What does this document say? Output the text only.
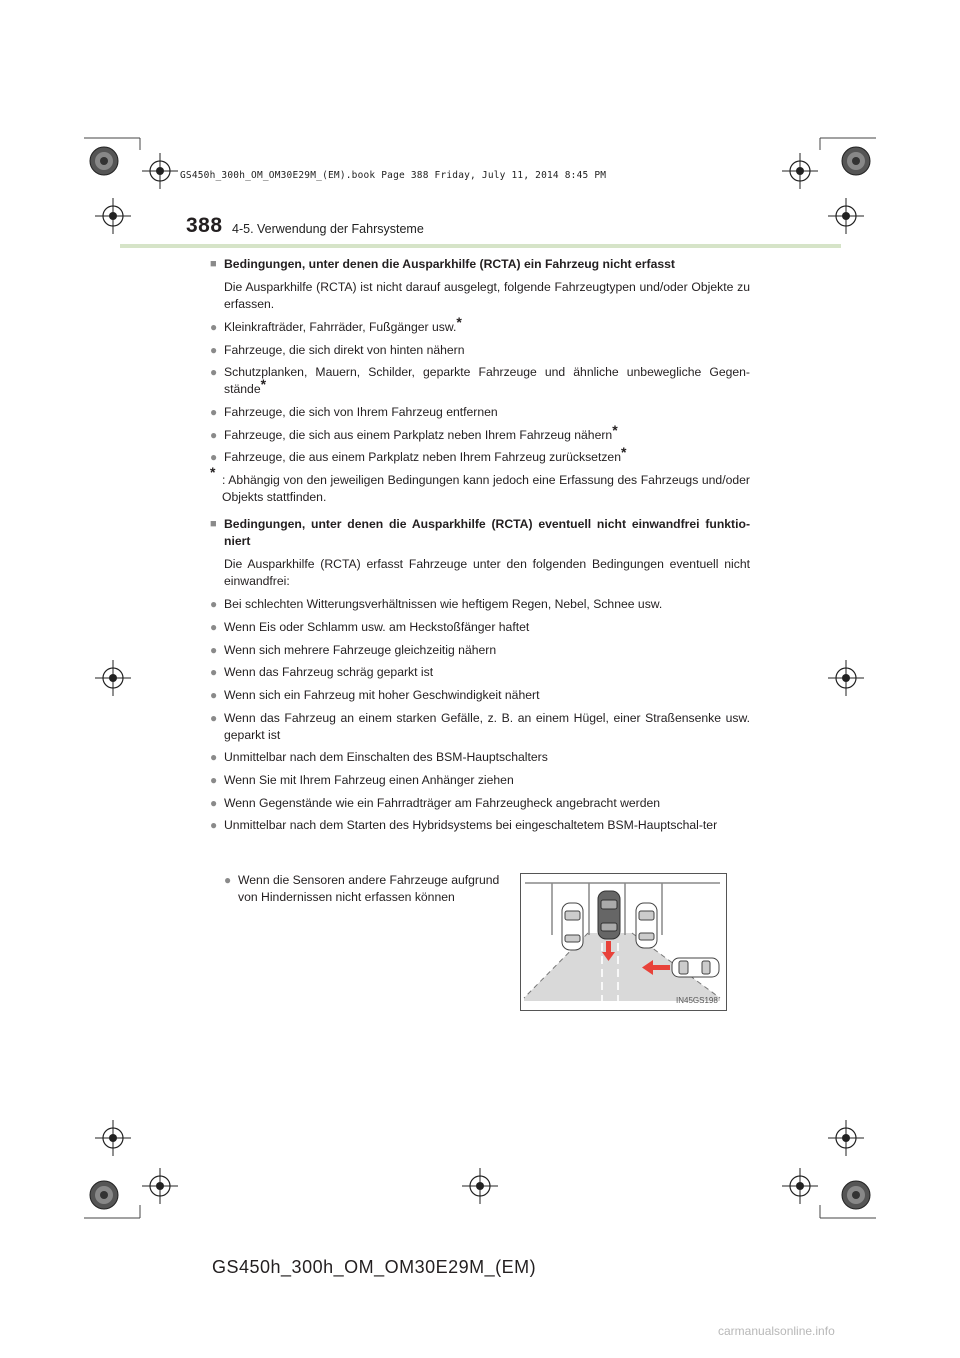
GS450h_300h_OM_OM30E29M_(EM).book Page 388 Friday, July 11, 2014 8:45 PM
388 4-5. Verwendung der Fahrsysteme
■ Bedingungen, unter denen die Ausparkhilfe (RCTA) ein Fahrzeug nicht erfasst
Die Ausparkhilfe (RCTA) ist nicht darauf ausgelegt, folgende Fahrzeugtypen und/oder Objekte zu erfassen.
● Kleinkrafträder, Fahrräder, Fußgänger usw.*
● Fahrzeuge, die sich direkt von hinten nähern
● Schutzplanken, Mauern, Schilder, geparkte Fahrzeuge und ähnliche unbewegliche Gegen-stände*
● Fahrzeuge, die sich von Ihrem Fahrzeug entfernen
● Fahrzeuge, die sich aus einem Parkplatz neben Ihrem Fahrzeug nähern*
● Fahrzeuge, die aus einem Parkplatz neben Ihrem Fahrzeug zurücksetzen*
* : Abhängig von den jeweiligen Bedingungen kann jedoch eine Erfassung des Fahrzeugs und/oder Objekts stattfinden.
■ Bedingungen, unter denen die Ausparkhilfe (RCTA) eventuell nicht einwandfrei funktio-niert
Die Ausparkhilfe (RCTA) erfasst Fahrzeuge unter den folgenden Bedingungen eventuell nicht einwandfrei:
● Bei schlechten Witterungsverhältnissen wie heftigem Regen, Nebel, Schnee usw.
● Wenn Eis oder Schlamm usw. am Heckstoßfänger haftet
● Wenn sich mehrere Fahrzeuge gleichzeitig nähern
● Wenn das Fahrzeug schräg geparkt ist
● Wenn sich ein Fahrzeug mit hoher Geschwindigkeit nähert
● Wenn das Fahrzeug an einem starken Gefälle, z. B. an einem Hügel, einer Straßensenke usw. geparkt ist
● Unmittelbar nach dem Einschalten des BSM-Hauptschalters
● Wenn Sie mit Ihrem Fahrzeug einen Anhänger ziehen
● Wenn Gegenstände wie ein Fahrradträger am Fahrzeugheck angebracht werden
● Unmittelbar nach dem Starten des Hybridsystems bei eingeschaltetem BSM-Hauptschal-ter
● Wenn die Sensoren andere Fahrzeuge aufgrund von Hindernissen nicht erfassen können
IN45GS198
GS450h_300h_OM_OM30E29M_(EM)
carmanualsonline.info
